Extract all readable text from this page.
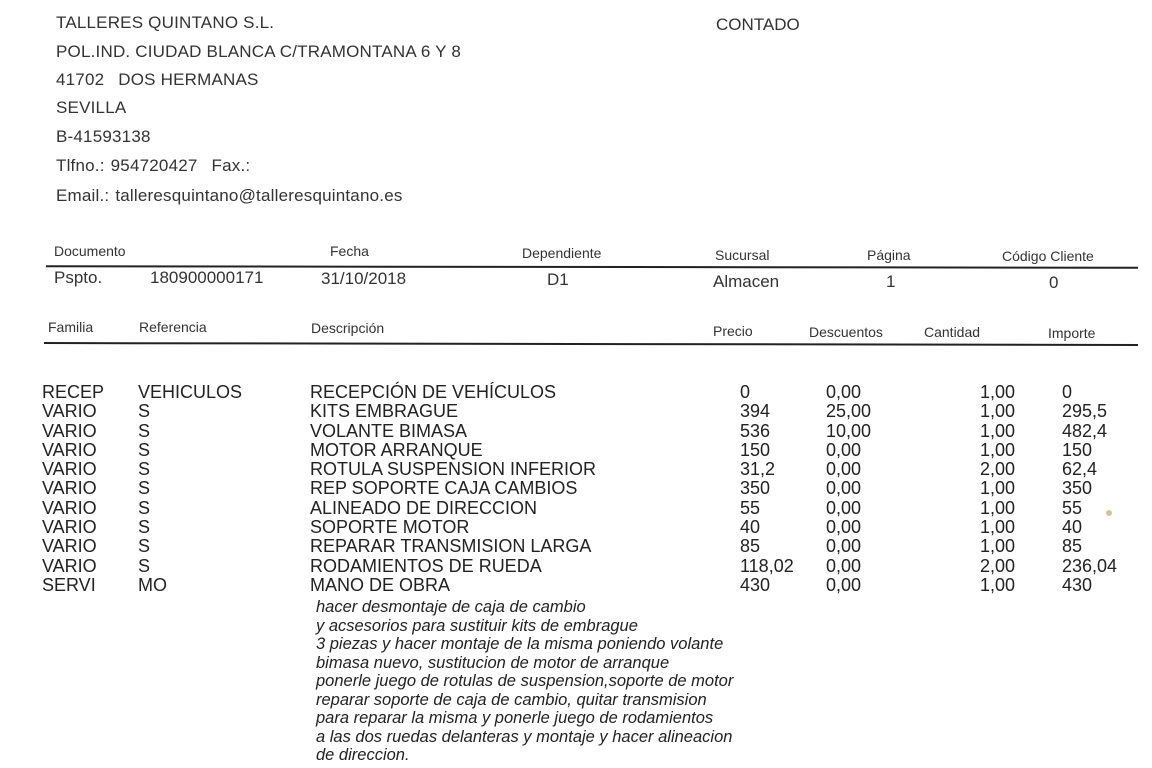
TALLERES QUINTANO S.L.
POL.IND. CIUDAD BLANCA C/TRAMONTANA 6 Y 8
41702 DOS HERMANAS
SEVILLA
B-41593138
Tlfno.: 954720427 Fax.:
Email.: talleresquintano@talleresquintano.es
CONTADO
Documento	Fecha	Dependiente	Sucursal	Página	Código Cliente
Pspto.	180900000171	31/10/2018	D1	Almacen	1	0
Familia	Referencia	Descripción	Precio	Descuentos	Cantidad	Importe
RECEP VEHICULOS	RECEPCIÓN DE VEHÍCULOS	0	0,00	1,00	0
VARIO S	KITS EMBRAGUE	394	25,00	1,00	295,5
VARIO S	VOLANTE BIMASA	536	10,00	1,00	482,4
VARIO S	MOTOR ARRANQUE	150	0,00	1,00	150
VARIO S	ROTULA SUSPENSION INFERIOR	31,2	0,00	2,00	62,4
VARIO S	REP SOPORTE CAJA CAMBIOS	350	0,00	1,00	350
VARIO S	ALINEADO DE DIRECCION	55	0,00	1,00	55
VARIO S	SOPORTE MOTOR	40	0,00	1,00	40
VARIO S	REPARAR TRANSMISION LARGA	85	0,00	1,00	85
VARIO S	RODAMIENTOS DE RUEDA	118,02 0,00	2,00	236,04
SERVI MO	MANO DE OBRA	430	0,00	1,00	430
hacer desmontaje de caja de cambio
y acsesorios para sustituir kits de embrague
3 piezas y hacer montaje de la misma poniendo volante
bimasa nuevo, sustitucion de motor de arranque
ponerle juego de rotulas de suspension,soporte de motor
reparar soporte de caja de cambio, quitar transmision
para reparar la misma y ponerle juego de rodamientos
a las dos ruedas delanteras y montaje y hacer alineacion
de direccion.
